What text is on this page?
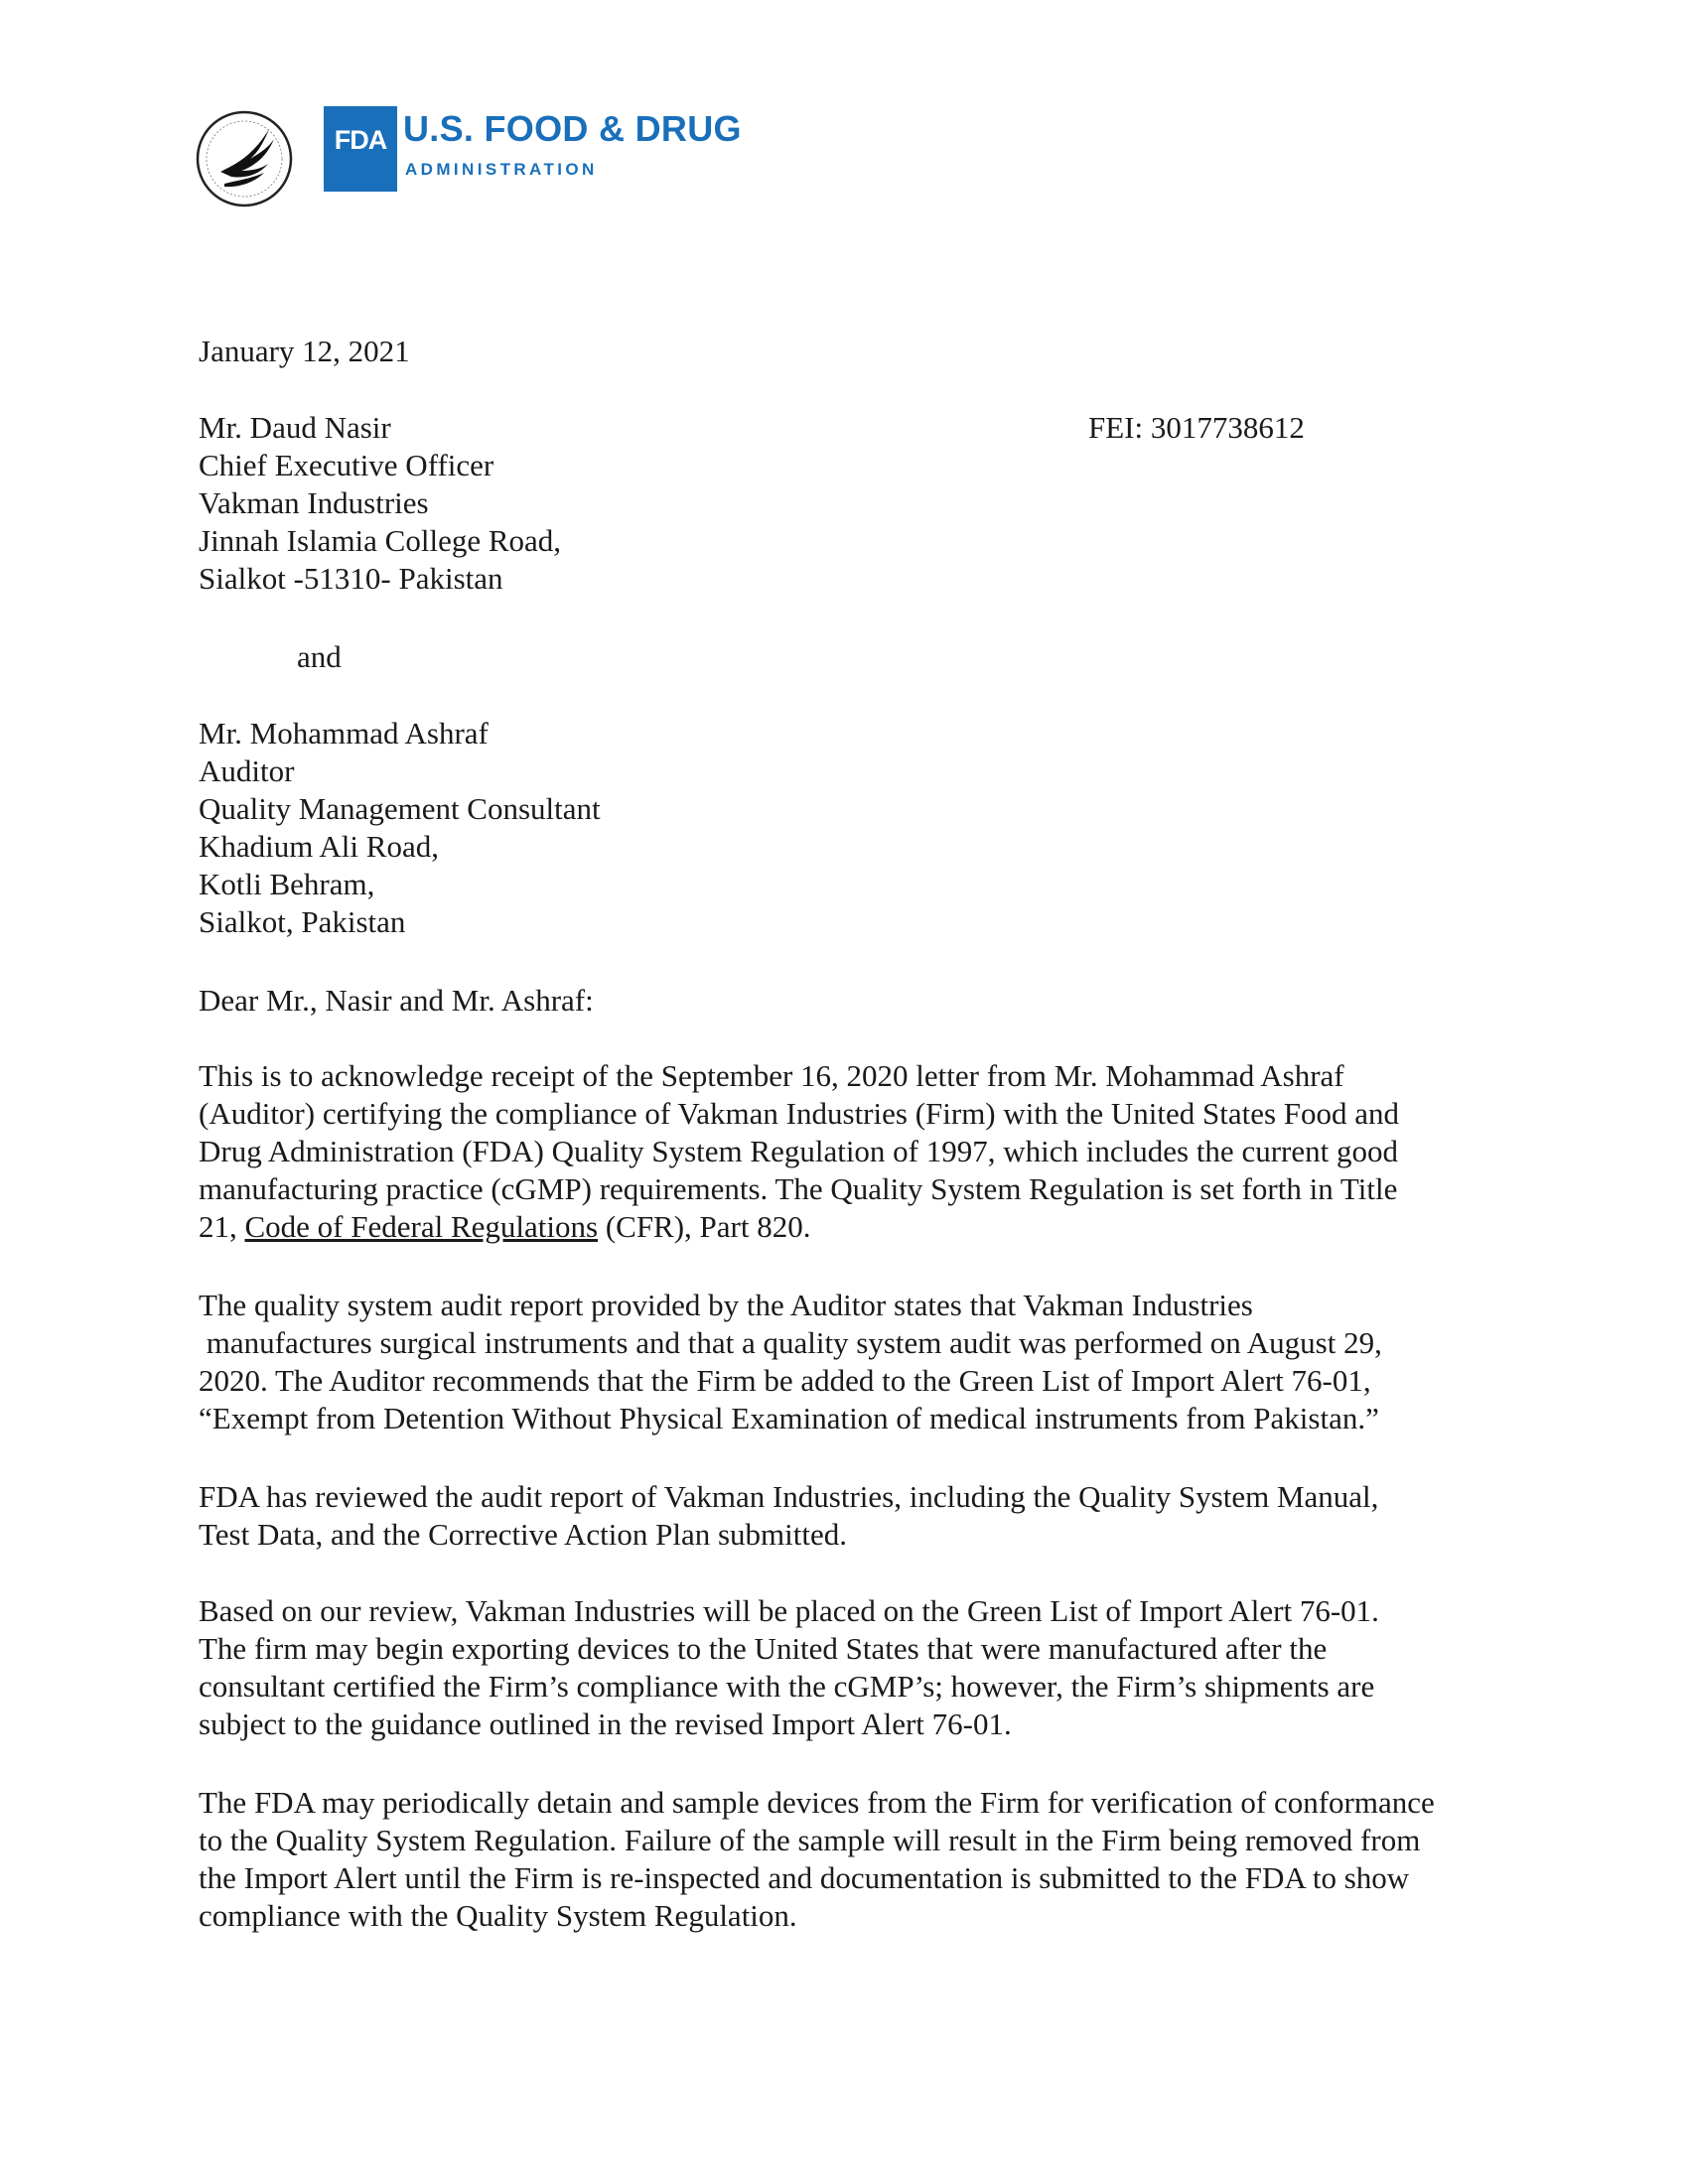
FDA U.S. FOOD & DRUG
ADMINISTRATION
January 12, 2021
FEI: 3017738612
Mr. Daud Nasir
Chief Executive Officer
Vakman Industries
Jinnah Islamia College Road,
Sialkot -51310- Pakistan
and
Mr. Mohammad Ashraf
Auditor
Quality Management Consultant
Khadium Ali Road,
Kotli Behram,
Sialkot, Pakistan
Dear Mr., Nasir and Mr. Ashraf:
This is to acknowledge receipt of the September 16, 2020 letter from Mr. Mohammad Ashraf
(Auditor) certifying the compliance of Vakman Industries (Firm) with the United States Food and
Drug Administration (FDA) Quality System Regulation of 1997, which includes the current good
manufacturing practice (cGMP) requirements. The Quality System Regulation is set forth in Title
21, Code of Federal Regulations (CFR), Part 820.
The quality system audit report provided by the Auditor states that Vakman Industries
manufactures surgical instruments and that a quality system audit was performed on August 29,
2020. The Auditor recommends that the Firm be added to the Green List of Import Alert 76-01,
“Exempt from Detention Without Physical Examination of medical instruments from Pakistan.”
FDA has reviewed the audit report of Vakman Industries, including the Quality System Manual,
Test Data, and the Corrective Action Plan submitted.
Based on our review, Vakman Industries will be placed on the Green List of Import Alert 76-01.
The firm may begin exporting devices to the United States that were manufactured after the
consultant certified the Firm’s compliance with the cGMP’s; however, the Firm’s shipments are
subject to the guidance outlined in the revised Import Alert 76-01.
The FDA may periodically detain and sample devices from the Firm for verification of conformance
to the Quality System Regulation. Failure of the sample will result in the Firm being removed from
the Import Alert until the Firm is re-inspected and documentation is submitted to the FDA to show
compliance with the Quality System Regulation.
